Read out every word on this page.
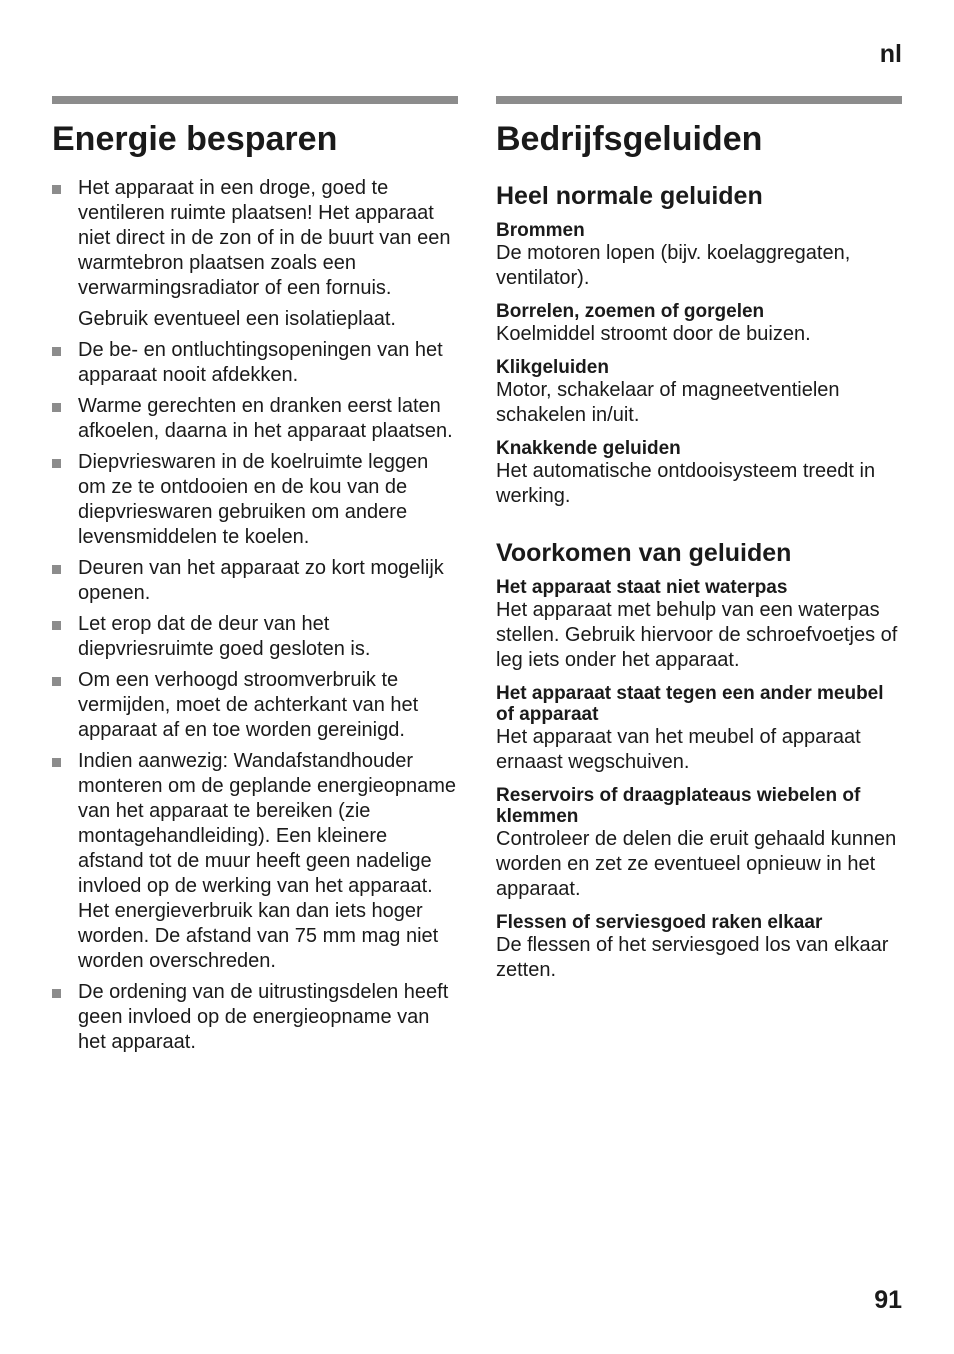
nl
Energie besparen
Het apparaat in een droge, goed te ventileren ruimte plaatsen! Het apparaat niet direct in de zon of in de buurt van een warmtebron plaatsen zoals een verwarmingsradiator of een fornuis.
Gebruik eventueel een isolatieplaat.
De be- en ontluchtingsopeningen van het apparaat nooit afdekken.
Warme gerechten en dranken eerst laten afkoelen, daarna in het apparaat plaatsen.
Diepvrieswaren in de koelruimte leggen om ze te ontdooien en de kou van de diepvrieswaren gebruiken om andere levensmiddelen te koelen.
Deuren van het apparaat zo kort mogelijk openen.
Let erop dat de deur van het diepvriesruimte goed gesloten is.
Om een verhoogd stroomverbruik te vermijden, moet de achterkant van het apparaat af en toe worden gereinigd.
Indien aanwezig: Wandafstandhouder monteren om de geplande energieopname van het apparaat te bereiken (zie montagehandleiding). Een kleinere afstand tot de muur heeft geen nadelige invloed op de werking van het apparaat. Het energieverbruik kan dan iets hoger worden. De afstand van 75 mm mag niet worden overschreden.
De ordening van de uitrustingsdelen heeft geen invloed op de energieopname van het apparaat.
Bedrijfsgeluiden
Heel normale geluiden
Brommen
De motoren lopen (bijv. koelaggregaten, ventilator).
Borrelen, zoemen of gorgelen
Koelmiddel stroomt door de buizen.
Klikgeluiden
Motor, schakelaar of magneetventielen schakelen in/uit.
Knakkende geluiden
Het automatische ontdooisysteem treedt in werking.
Voorkomen van geluiden
Het apparaat staat niet waterpas
Het apparaat met behulp van een waterpas stellen. Gebruik hiervoor de schroefvoetjes of leg iets onder het apparaat.
Het apparaat staat tegen een ander meubel of apparaat
Het apparaat van het meubel of apparaat ernaast wegschuiven.
Reservoirs of draagplateaus wiebelen of klemmen
Controleer de delen die eruit gehaald kunnen worden en zet ze eventueel opnieuw in het apparaat.
Flessen of serviesgoed raken elkaar
De flessen of het serviesgoed los van elkaar zetten.
91
